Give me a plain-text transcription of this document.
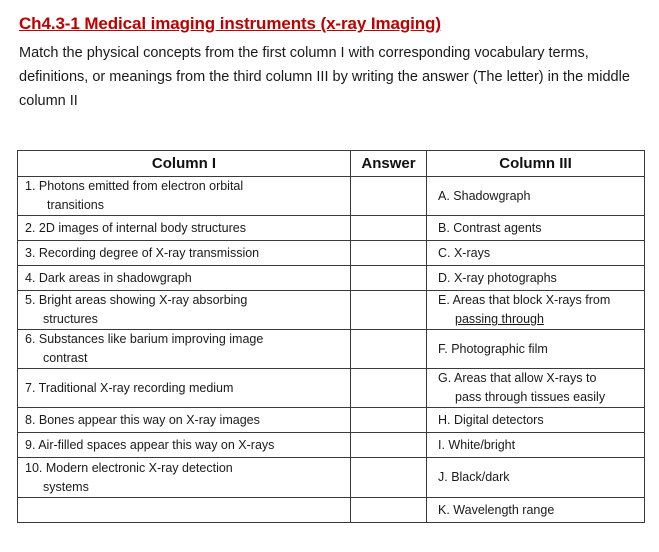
Ch4.3-1 Medical imaging instruments (x-ray Imaging)
Match the physical concepts from the first column I with corresponding vocabulary terms, definitions, or meanings from the third column III by writing the answer (The letter) in the middle column II
Column I	Answer	Column III

1. Photons emitted from electron orbital
transitions		A. Shadowgraph

2. 2D images of internal body structures		B. Contrast agents

3. Recording degree of X-ray transmission		C. X-rays

4. Dark areas in shadowgraph		D. X-ray photographs

5. Bright areas showing X-ray absorbing
structures		E. Areas that block X-rays from
passing through

6. Substances like barium improving image
contrast		F. Photographic film

7. Traditional X-ray recording medium		G. Areas that allow X-rays to
pass through tissues easily

8. Bones appear this way on X-ray images		H. Digital detectors

9. Air-filled spaces appear this way on X-rays		I. White/bright

10. Modern electronic X-ray detection
systems		J. Black/dark

		K. Wavelength range
